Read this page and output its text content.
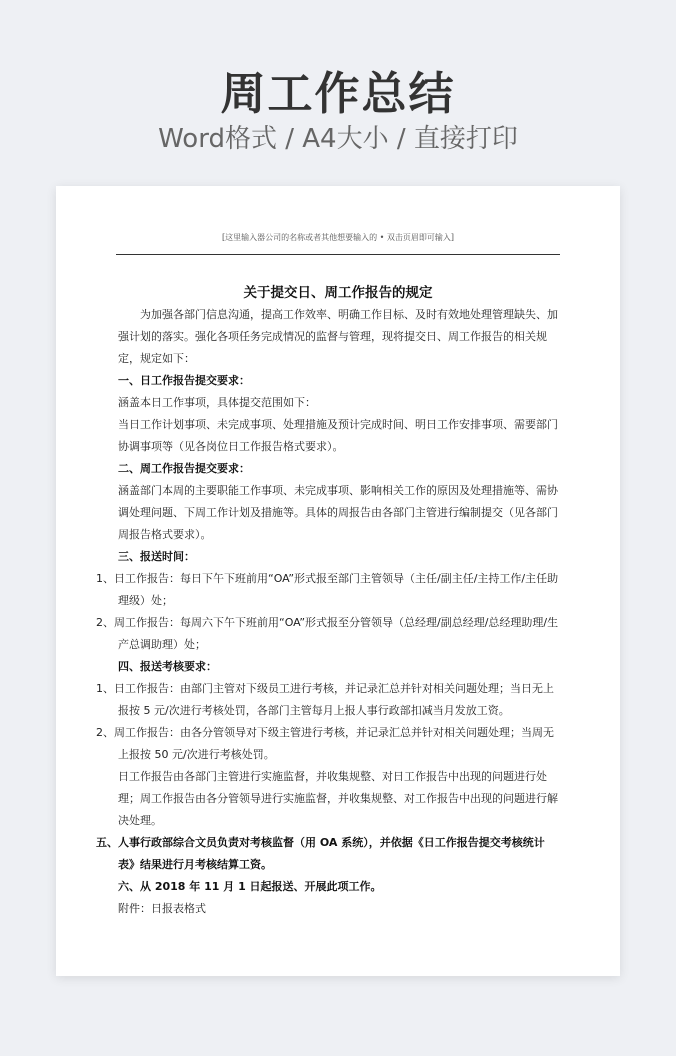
周工作总结
Word格式 / A4大小 / 直接打印
[这里输入器公司的名称或者其他想要输入的 • 双击页眉即可输入]
关于提交日、周工作报告的规定

为加强各部门信息沟通，提高工作效率、明确工作目标、及时有效地处理管理缺失、加强计划的落实。强化各项任务完成情况的监督与管理，现将提交日、周工作报告的相关规定，规定如下：

一、日工作报告提交要求：

涵盖本日工作事项，具体提交范围如下：

当日工作计划事项、未完成事项、处理措施及预计完成时间、明日工作安排事项、需要部门协调事项等（见各岗位日工作报告格式要求）。

二、周工作报告提交要求：

涵盖部门本周的主要职能工作事项、未完成事项、影响相关工作的原因及处理措施等、需协调处理问题、下周工作计划及措施等。具体的周报告由各部门主管进行编制提交（见各部门周报告格式要求）。

三、报送时间：

1、日工作报告：每日下午下班前用“OA”形式报至部门主管领导（主任/副主任/主持工作/主任助理级）处；

2、周工作报告：每周六下午下班前用“OA”形式报至分管领导（总经理/副总经理/总经理助理/生产总调助理）处；

四、报送考核要求：

1、日工作报告：由部门主管对下级员工进行考核，并记录汇总并针对相关问题处理；当日无上报按 5 元/次进行考核处罚，各部门主管每月上报人事行政部扣减当月发放工资。

2、周工作报告：由各分管领导对下级主管进行考核，并记录汇总并针对相关问题处理；当周无上报按 50 元/次进行考核处罚。

日工作报告由各部门主管进行实施监督，并收集规整、对日工作报告中出现的问题进行处理；周工作报告由各分管领导进行实施监督，并收集规整、对工作报告中出现的问题进行解决处理。

五、人事行政部综合文员负责对考核监督（用 OA 系统），并依据《日工作报告提交考核统计表》结果进行月考核结算工资。

六、从 2018 年 11 月 1 日起报送、开展此项工作。

附件：日报表格式
